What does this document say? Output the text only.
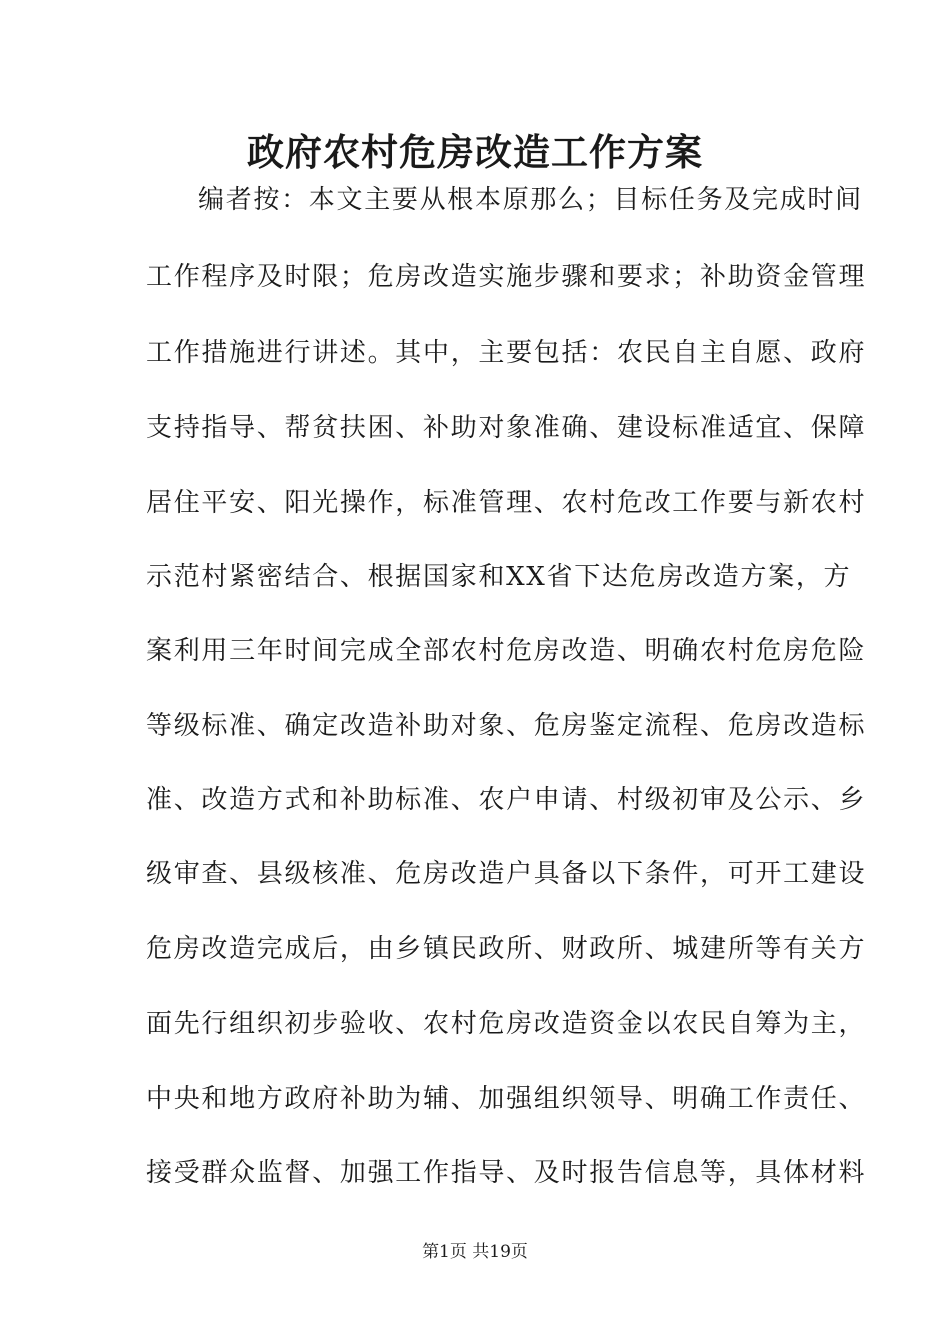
政府农村危房改造工作方案
编者按：本文主要从根本原那么；目标任务及完成时间
工作程序及时限；危房改造实施步骤和要求；补助资金管理
工作措施进行讲述。其中，主要包括：农民自主自愿、政府
支持指导、帮贫扶困、补助对象准确、建设标准适宜、保障
居住平安、阳光操作，标准管理、农村危改工作要与新农村
示范村紧密结合、根据国家和XX省下达危房改造方案，方
案利用三年时间完成全部农村危房改造、明确农村危房危险
等级标准、确定改造补助对象、危房鉴定流程、危房改造标
准、改造方式和补助标准、农户申请、村级初审及公示、乡
级审查、县级核准、危房改造户具备以下条件，可开工建设
危房改造完成后，由乡镇民政所、财政所、城建所等有关方
面先行组织初步验收、农村危房改造资金以农民自筹为主，
中央和地方政府补助为辅、加强组织领导、明确工作责任、
接受群众监督、加强工作指导、及时报告信息等，具体材料
第1页 共19页
